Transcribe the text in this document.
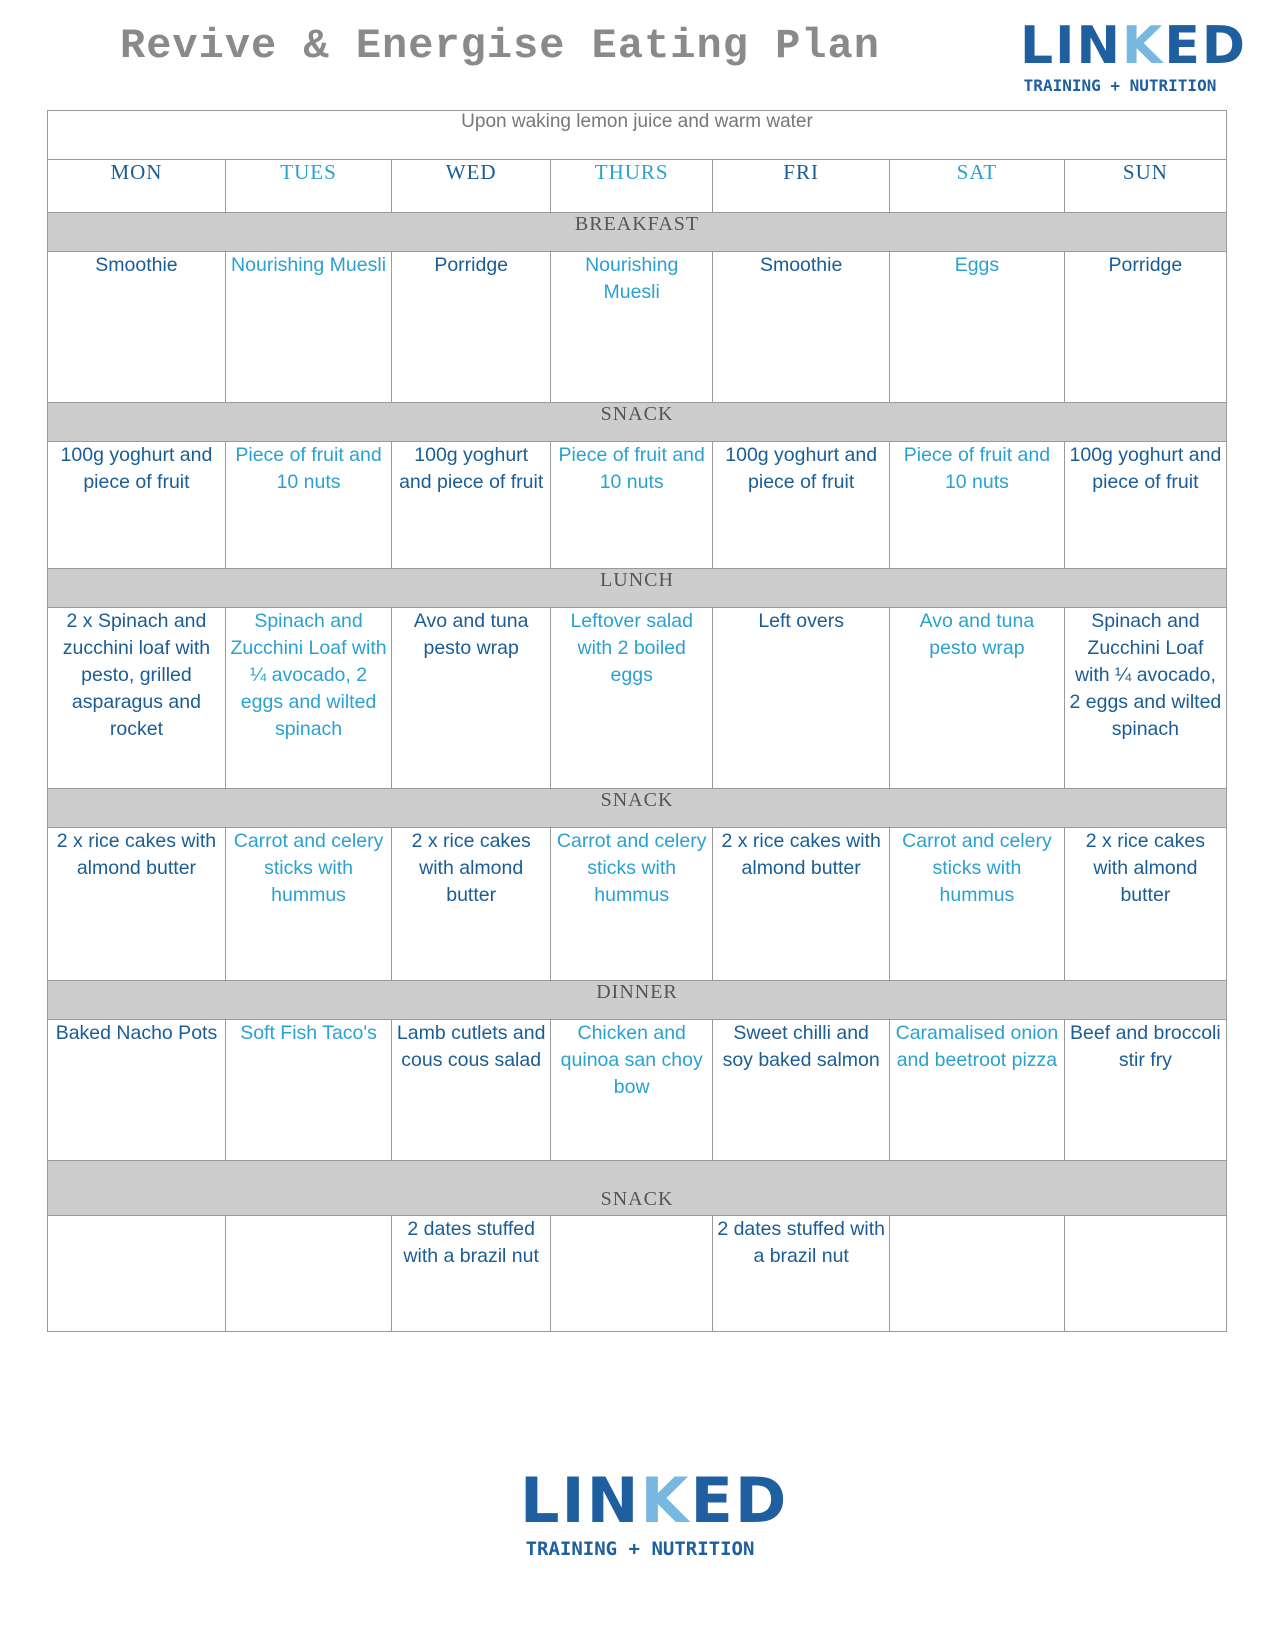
Revive & Energise Eating Plan	LINKED
TRAINING + NUTRITION
Upon waking lemon juice and warm water						
MON	TUES	WED	THURS	FRI	SAT	SUN
BREAKFAST						
Smoothie	Nourishing Muesli	Porridge	Nourishing Muesli	Smoothie	Eggs	Porridge
SNACK						
100g yoghurt and piece of fruit	Piece of fruit and 10 nuts	100g yoghurt and piece of fruit	Piece of fruit and 10 nuts	100g yoghurt and piece of fruit	Piece of fruit and 10 nuts	100g yoghurt and piece of fruit
LUNCH						
2 x Spinach and zucchini loaf with pesto, grilled asparagus and rocket	Spinach and Zucchini Loaf with ¼ avocado, 2 eggs and wilted spinach	Avo and tuna pesto wrap	Leftover salad with 2 boiled eggs	Left overs	Avo and tuna pesto wrap	Spinach and Zucchini Loaf with ¼ avocado, 2 eggs and wilted spinach
SNACK						
2 x rice cakes with almond butter	Carrot and celery sticks with hummus	2 x rice cakes with almond butter	Carrot and celery sticks with hummus	2 x rice cakes with almond butter	Carrot and celery sticks with hummus	2 x rice cakes with almond butter
DINNER						
Baked Nacho Pots	Soft Fish Taco's	Lamb cutlets and cous cous salad	Chicken and quinoa san choy bow	Sweet chilli and soy baked salmon	Caramalised onion and beetroot pizza	Beef and broccoli stir fry
SNACK						
		2 dates stuffed with a brazil nut		2 dates stuffed with a brazil nut		
LINKED
TRAINING + NUTRITION
